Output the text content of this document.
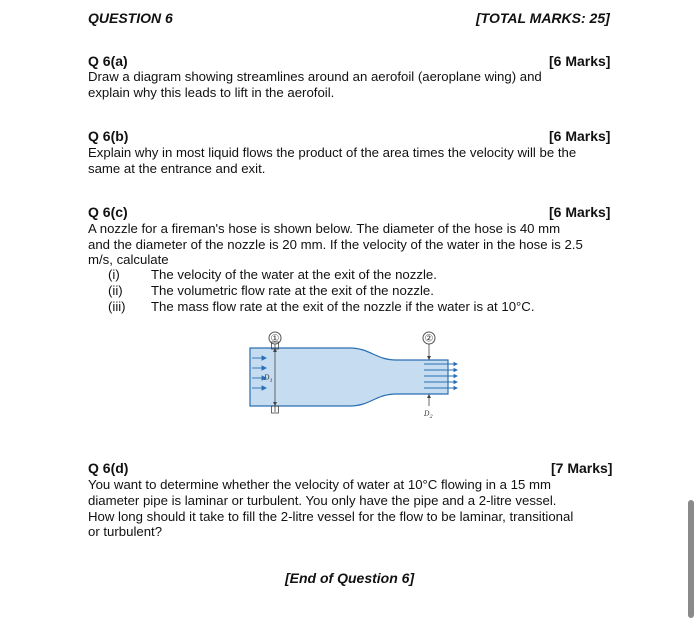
QUESTION 6	[TOTAL MARKS: 25]
Q 6(a)	[6 Marks]
Draw a diagram showing streamlines around an aerofoil (aeroplane wing) and
explain why this leads to lift in the aerofoil.
Q 6(b)	[6 Marks]
Explain why in most liquid flows the product of the area times the velocity will be the
same at the entrance and exit.
Q 6(c)	[6 Marks]
A nozzle for a fireman's hose is shown below. The diameter of the hose is 40 mm
and the diameter of the nozzle is 20 mm. If the velocity of the water in the hose is 2.5
m/s, calculate
(i) The velocity of the water at the exit of the nozzle.
(ii) The volumetric flow rate at the exit of the nozzle.
(iii) The mass flow rate at the exit of the nozzle if the water is at 10°C.
①	②
$D_1$
$D_2$
Q 6(d)	[7 Marks]
You want to determine whether the velocity of water at 10°C flowing in a 15 mm
diameter pipe is laminar or turbulent. You only have the pipe and a 2-litre vessel.
How long should it take to fill the 2-litre vessel for the flow to be laminar, transitional
or turbulent?
[End of Question 6]
